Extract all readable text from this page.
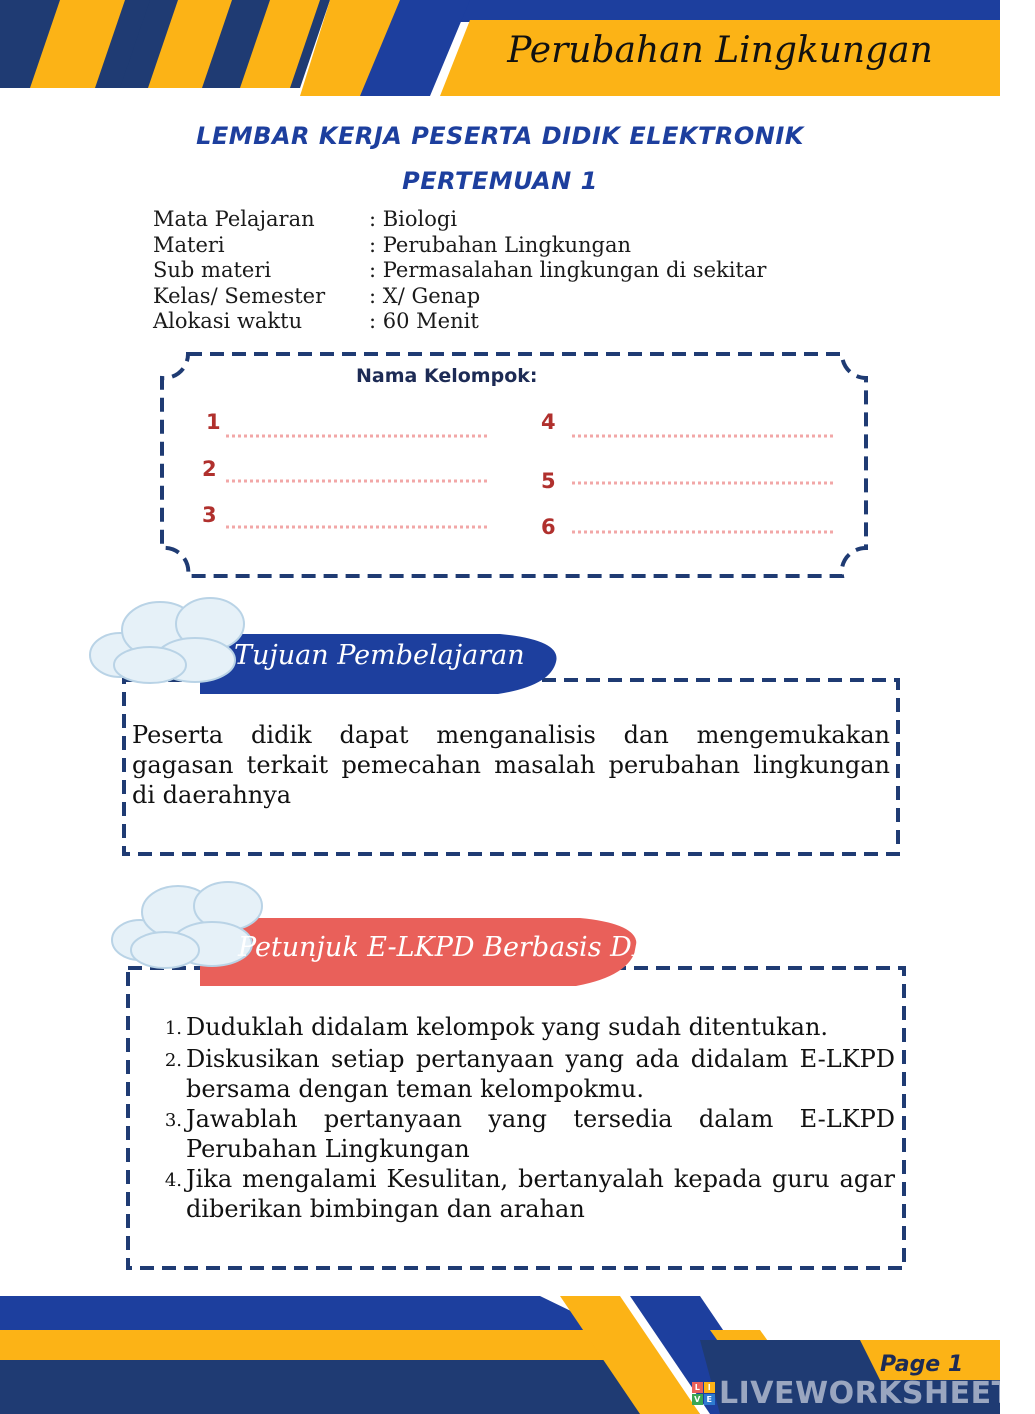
Perubahan Lingkungan
LEMBAR KERJA PESERTA DIDIK ELEKTRONIK
PERTEMUAN 1
Mata Pelajaran	: Biologi
Materi	: Perubahan Lingkungan
Sub materi	: Permasalahan lingkungan di sekitar
Kelas/ Semester	: X/ Genap
Alokasi waktu	: 60 Menit
Nama Kelompok:
1
2
3
4
5
6
Tujuan Pembelajaran
Peserta didik dapat menganalisis dan mengemukakan gagasan terkait pemecahan masalah perubahan lingkungan di daerahnya
Petunjuk E-LKPD Berbasis DL
1. Duduklah didalam kelompok yang sudah ditentukan.
2. Diskusikan setiap pertanyaan yang ada didalam E-LKPD bersama dengan teman kelompokmu.
3. Jawablah pertanyaan yang tersedia dalam E-LKPD Perubahan Lingkungan
4. Jika mengalami Kesulitan, bertanyalah kepada guru agar diberikan bimbingan dan arahan
Page 1
L I
V E LIVEWORKSHEETS
